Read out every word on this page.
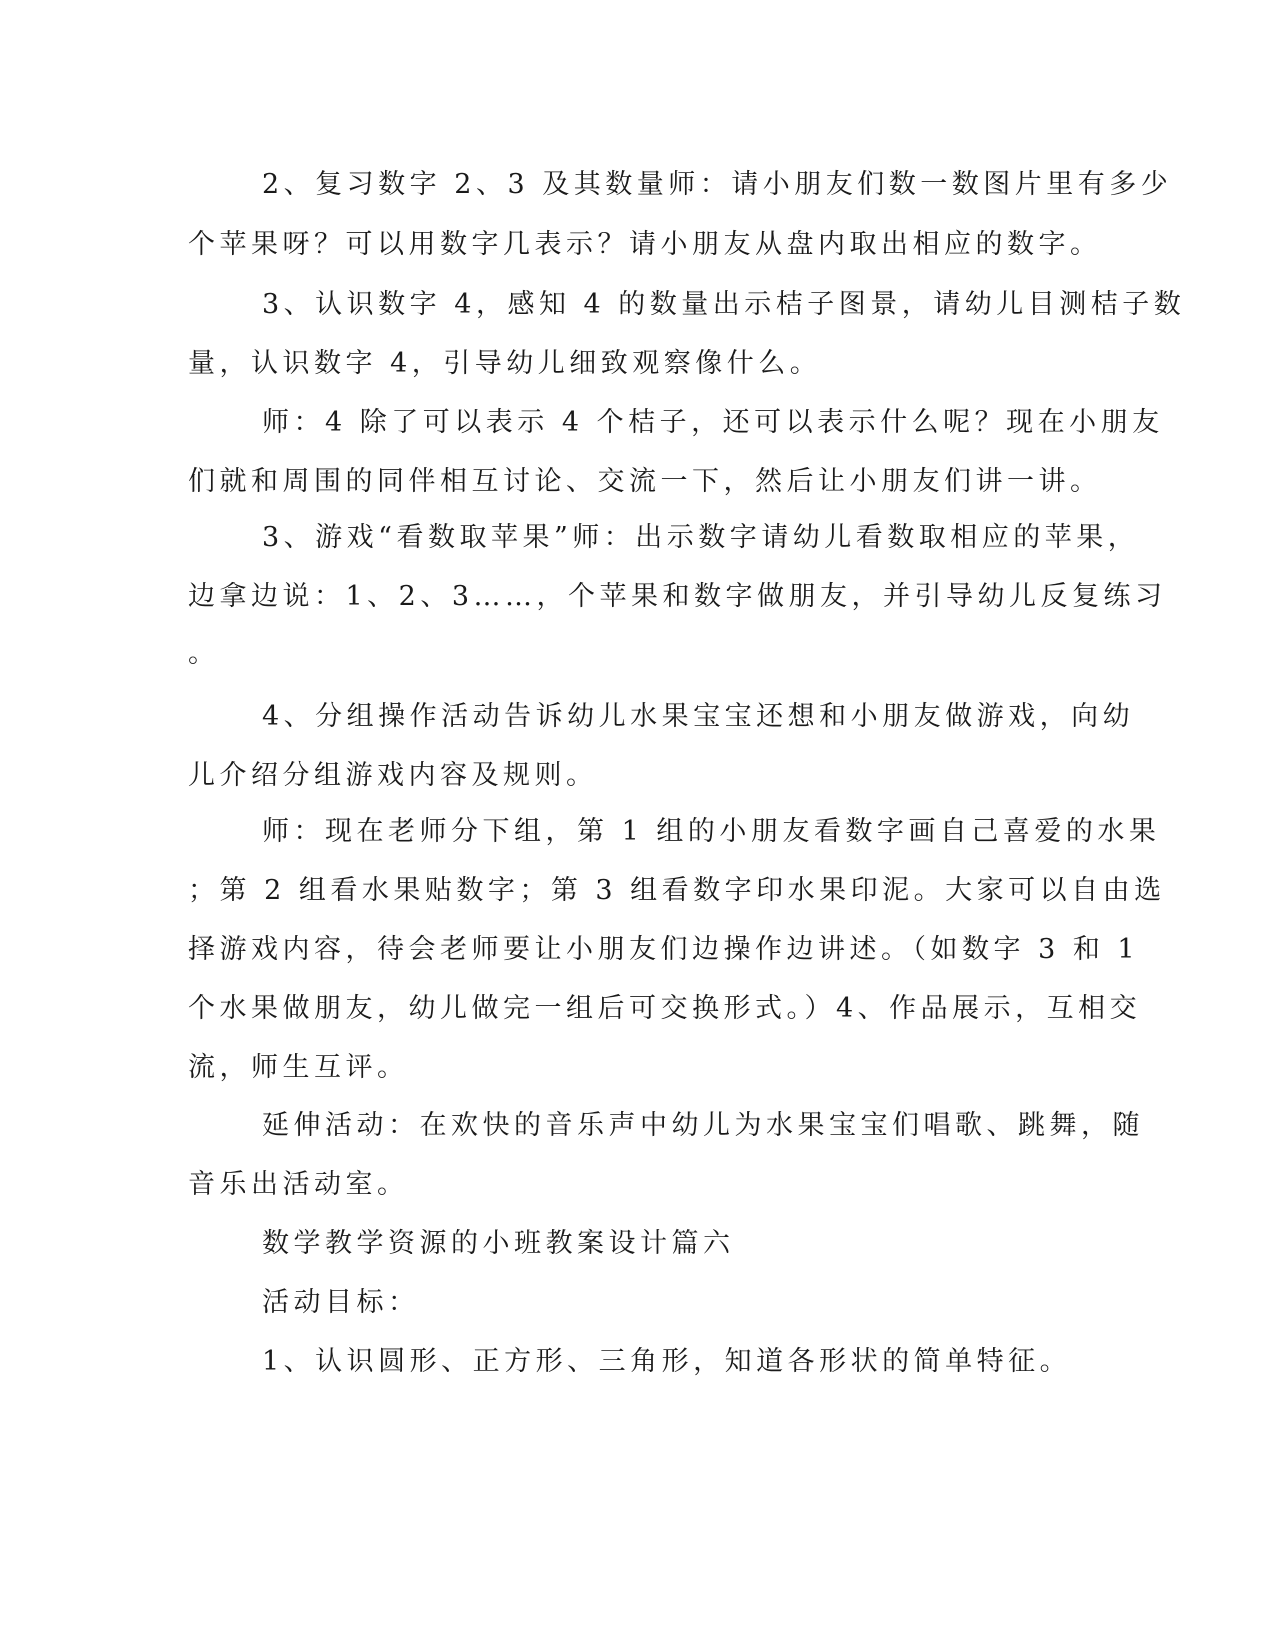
2、复习数字 2、3 及其数量师：请小朋友们数一数图片里有多少
个苹果呀？可以用数字几表示？请小朋友从盘内取出相应的数字。
3、认识数字 4，感知 4 的数量出示桔子图景，请幼儿目测桔子数
量，认识数字 4，引导幼儿细致观察像什么。
师：4 除了可以表示 4 个桔子，还可以表示什么呢？现在小朋友
们就和周围的同伴相互讨论、交流一下，然后让小朋友们讲一讲。
3、游戏“看数取苹果”师：出示数字请幼儿看数取相应的苹果，
边拿边说：1、2、3……，个苹果和数字做朋友，并引导幼儿反复练习
。
4、分组操作活动告诉幼儿水果宝宝还想和小朋友做游戏，向幼
儿介绍分组游戏内容及规则。
师：现在老师分下组，第 1 组的小朋友看数字画自己喜爱的水果
；第 2 组看水果贴数字；第 3 组看数字印水果印泥。大家可以自由选
择游戏内容，待会老师要让小朋友们边操作边讲述。（如数字 3 和 1
个水果做朋友，幼儿做完一组后可交换形式。）4、作品展示，互相交
流，师生互评。
延伸活动：在欢快的音乐声中幼儿为水果宝宝们唱歌、跳舞，随
音乐出活动室。
数学教学资源的小班教案设计篇六
活动目标：
1、认识圆形、正方形、三角形，知道各形状的简单特征。
